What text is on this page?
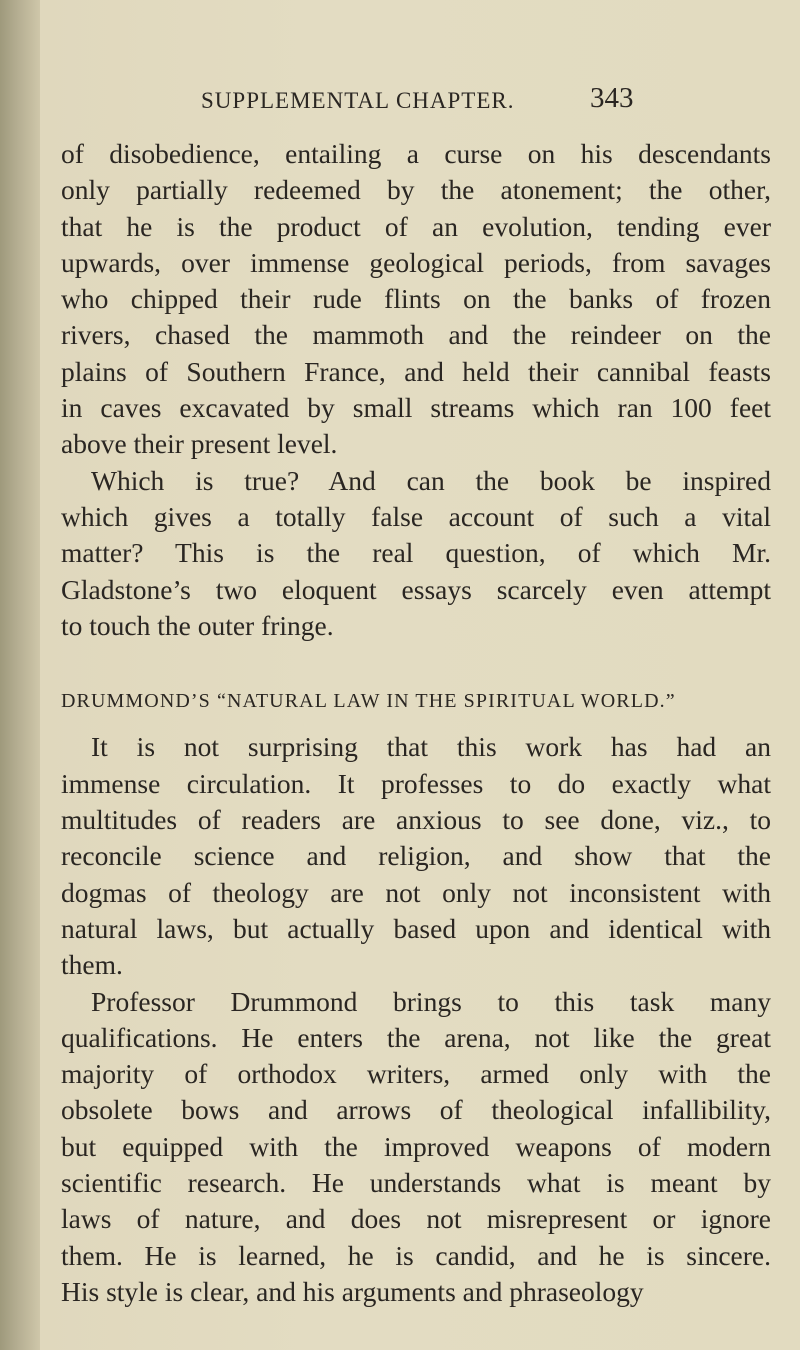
SUPPLEMENTAL CHAPTER.	343

of disobedience, entailing a curse on his descendants
only partially redeemed by the atonement; the other,
that he is the product of an evolution, tending ever
upwards, over immense geological periods, from savages
who chipped their rude flints on the banks of frozen
rivers, chased the mammoth and the reindeer on the
plains of Southern France, and held their cannibal feasts
in caves excavated by small streams which ran 100 feet
above their present level.

Which is true? And can the book be inspired
which gives a totally false account of such a vital
matter? This is the real question, of which Mr.
Gladstone’s two eloquent essays scarcely even attempt
to touch the outer fringe.

DRUMMOND’S “NATURAL LAW IN THE SPIRITUAL WORLD.”

It is not surprising that this work has had an
immense circulation. It professes to do exactly what
multitudes of readers are anxious to see done, viz., to
reconcile science and religion, and show that the
dogmas of theology are not only not inconsistent with
natural laws, but actually based upon and identical with
them.

Professor Drummond brings to this task many
qualifications. He enters the arena, not like the great
majority of orthodox writers, armed only with the
obsolete bows and arrows of theological infallibility,
but equipped with the improved weapons of modern
scientific research. He understands what is meant by
laws of nature, and does not misrepresent or ignore
them. He is learned, he is candid, and he is sincere.
His style is clear, and his arguments and phraseology
